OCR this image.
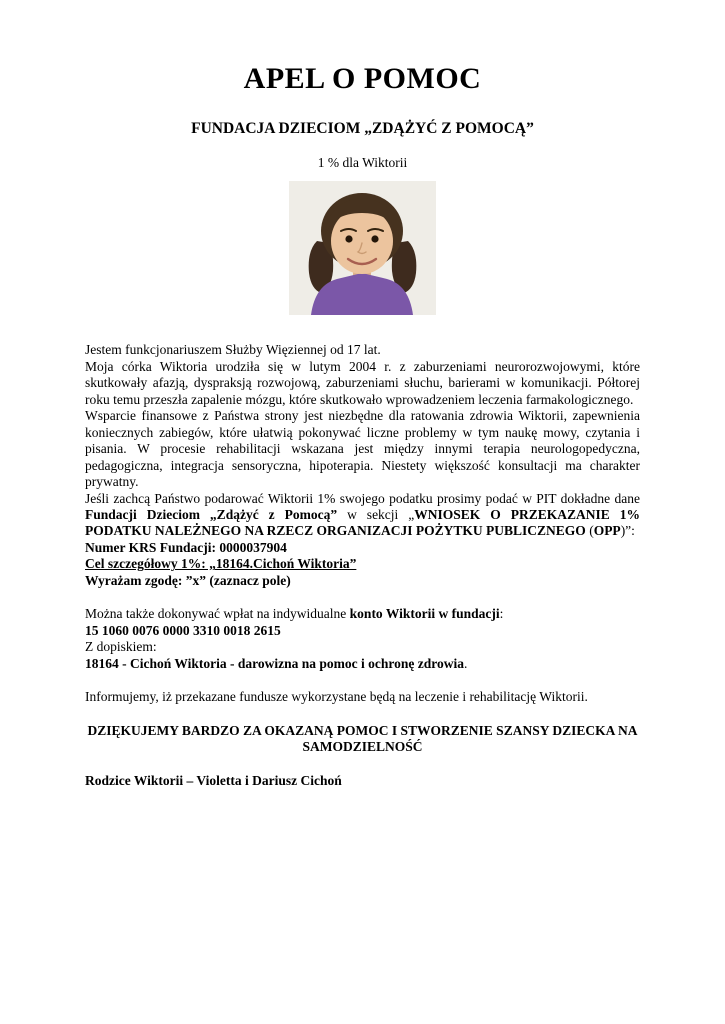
APEL O POMOC
FUNDACJA DZIECIOM „ZDĄŻYĆ Z POMOCĄ”

1 % dla Wiktorii

Jestem funkcjonariuszem Służby Więziennej od 17 lat.

Moja córka Wiktoria urodziła się w lutym 2004 r. z zaburzeniami neurorozwojowymi, które skutkowały afazją, dyspraksją rozwojową, zaburzeniami słuchu, barierami w komunikacji. Półtorej roku temu przeszła zapalenie mózgu, które skutkowało wprowadzeniem leczenia farmakologicznego.

Wsparcie finansowe z Państwa strony jest niezbędne dla ratowania zdrowia Wiktorii, zapewnienia koniecznych zabiegów, które ułatwią pokonywać liczne problemy w tym naukę mowy, czytania i pisania. W procesie rehabilitacji wskazana jest między innymi terapia neurologopedyczna, pedagogiczna, integracja sensoryczna, hipoterapia. Niestety większość konsultacji ma charakter prywatny.

Jeśli zachcą Państwo podarować Wiktorii 1% swojego podatku prosimy podać w PIT dokładne dane Fundacji Dzieciom „Zdążyć z Pomocą” w sekcji „WNIOSEK O PRZEKAZANIE 1% PODATKU NALEŻNEGO NA RZECZ ORGANIZACJI POŻYTKU PUBLICZNEGO (OPP)”:

Numer KRS Fundacji: 0000037904

Cel szczegółowy 1%: „18164.Cichoń Wiktoria”

Wyrażam zgodę: ”x” (zaznacz pole)

Można także dokonywać wpłat na indywidualne konto Wiktorii w fundacji:

15 1060 0076 0000 3310 0018 2615

Z dopiskiem:

18164 - Cichoń Wiktoria - darowizna na pomoc i ochronę zdrowia.

Informujemy, iż przekazane fundusze wykorzystane będą na leczenie i rehabilitację Wiktorii.

DZIĘKUJEMY BARDZO ZA OKAZANĄ POMOC I STWORZENIE SZANSY DZIECKA NA SAMODZIELNOŚĆ

Rodzice Wiktorii – Violetta i Dariusz Cichoń
